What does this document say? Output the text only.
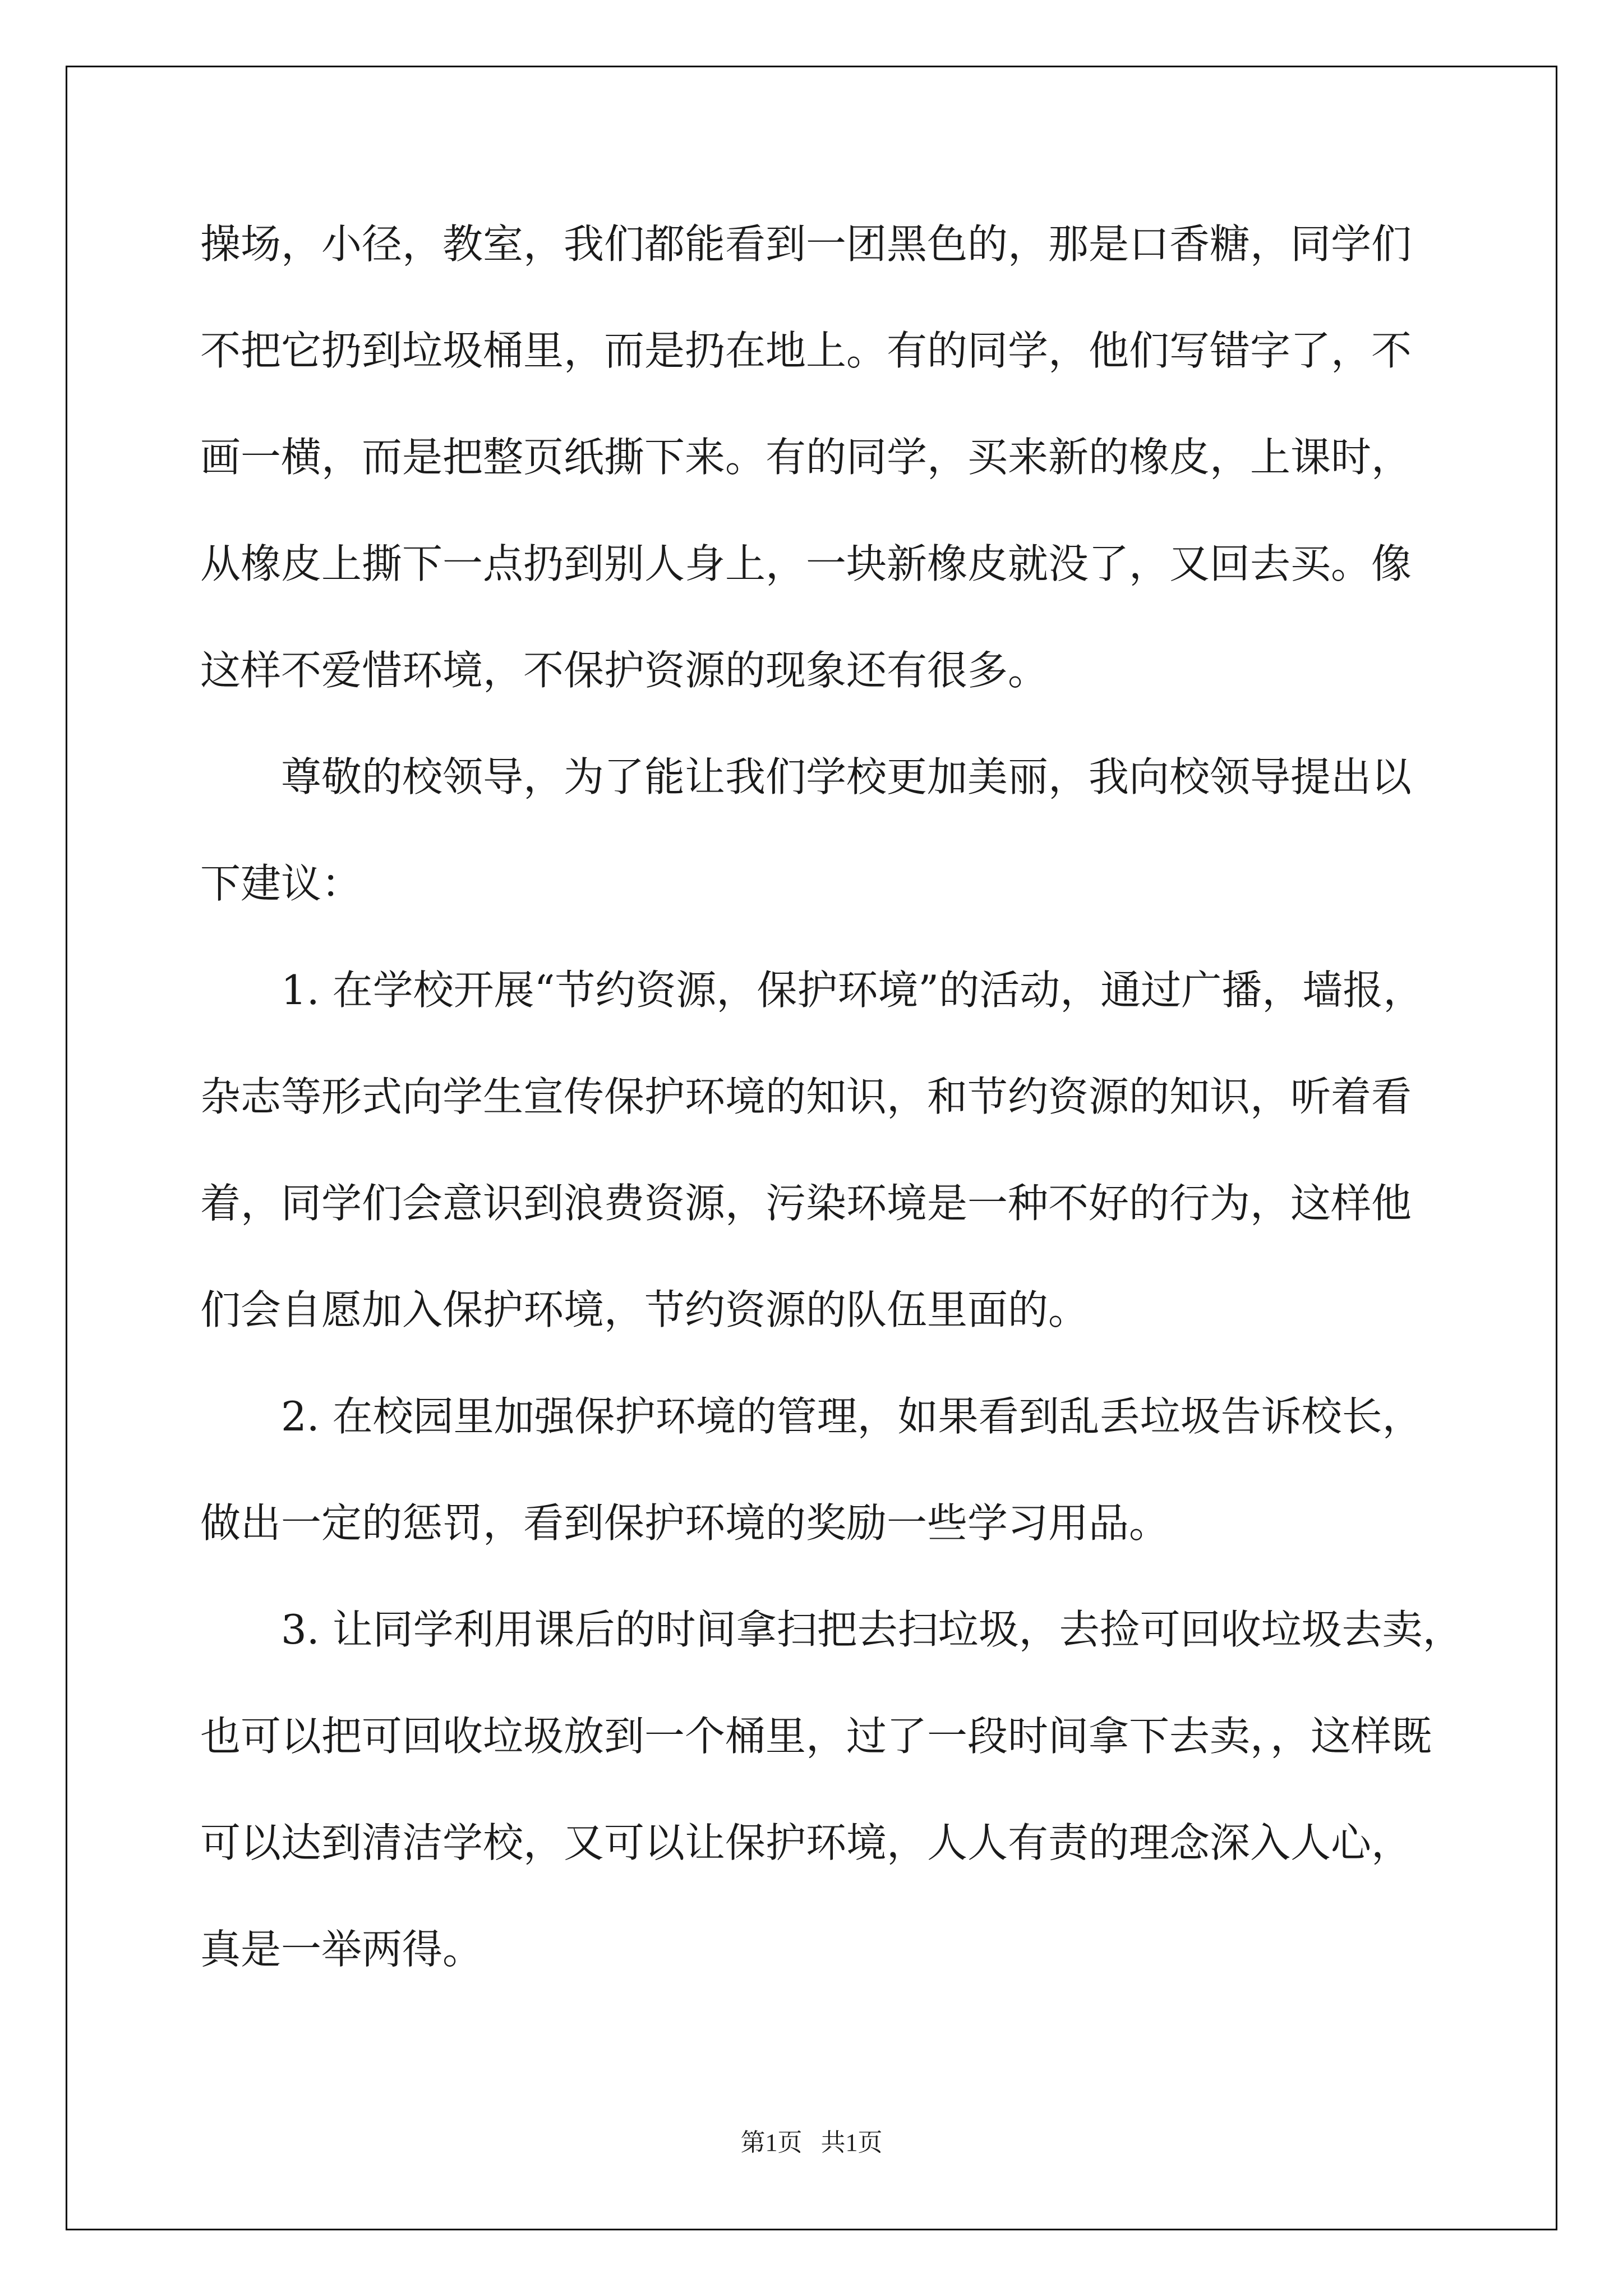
操场，小径，教室，我们都能看到一团黑色的，那是口香糖，同学们
不把它扔到垃圾桶里，而是扔在地上。有的同学，他们写错字了，不
画一横，而是把整页纸撕下来。有的同学，买来新的橡皮，上课时，
从橡皮上撕下一点扔到别人身上，一块新橡皮就没了，又回去买。像
这样不爱惜环境，不保护资源的现象还有很多。
　　尊敬的校领导，为了能让我们学校更加美丽，我向校领导提出以
下建议：
　　1. 在学校开展“节约资源，保护环境”的活动，通过广播，墙报，
杂志等形式向学生宣传保护环境的知识，和节约资源的知识，听着看
着，同学们会意识到浪费资源，污染环境是一种不好的行为，这样他
们会自愿加入保护环境，节约资源的队伍里面的。
　　2. 在校园里加强保护环境的管理，如果看到乱丢垃圾告诉校长，
做出一定的惩罚，看到保护环境的奖励一些学习用品。
　　3. 让同学利用课后的时间拿扫把去扫垃圾，去捡可回收垃圾去卖，
也可以把可回收垃圾放到一个桶里，过了一段时间拿下去卖，，这样既
可以达到清洁学校，又可以让保护环境，人人有责的理念深入人心，
真是一举两得。
第1页   共1页
